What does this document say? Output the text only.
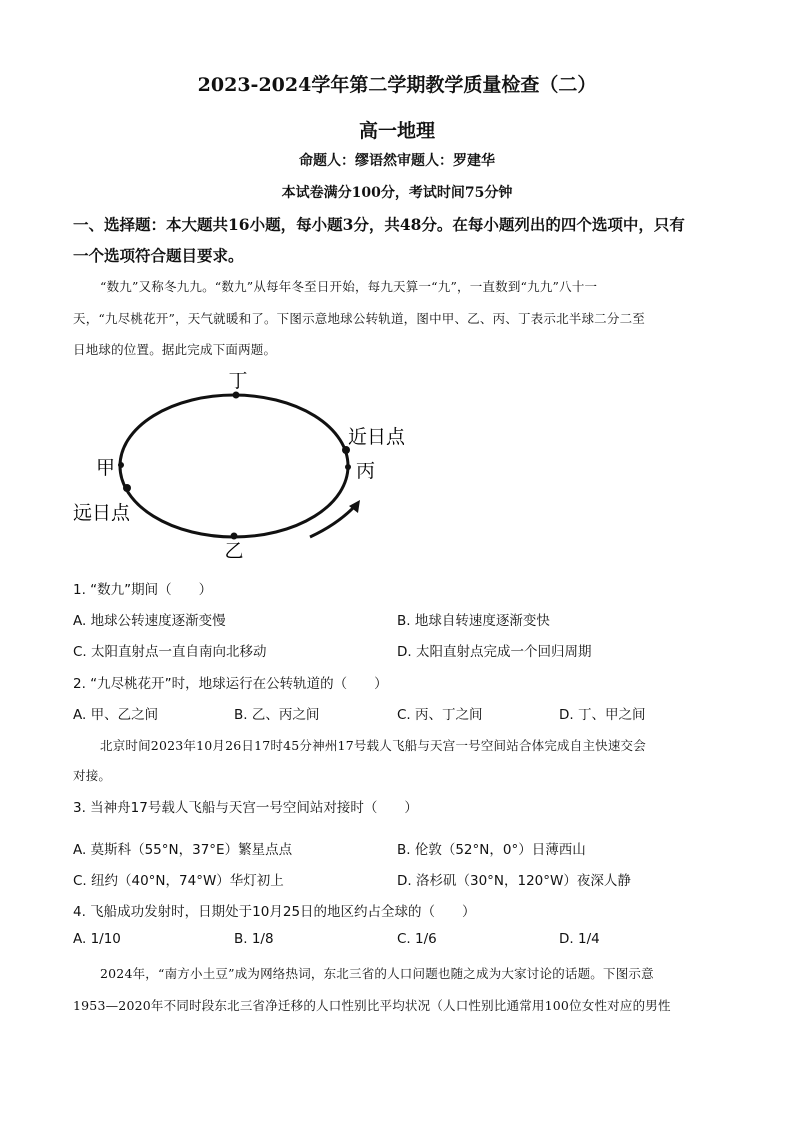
2023-2024学年第二学期教学质量检查（二）
高一地理
命题人：缪语然审题人：罗建华
本试卷满分100分，考试时间75分钟
一、选择题：本大题共16小题，每小题3分，共48分。在每小题列出的四个选项中，只有
一个选项符合题目要求。
“数九”又称冬九九。“数九”从每年冬至日开始，每九天算一“九”，一直数到“九九”八十一
天，“九尽桃花开”，天气就暖和了。下图示意地球公转轨道，图中甲、乙、丙、丁表示北半球二分二至
日地球的位置。据此完成下面两题。
丁
甲
远日点
乙
近日点
丙
1. “数九”期间（　　）
A. 地球公转速度逐渐变慢	B. 地球自转速度逐渐变快
C. 太阳直射点一直自南向北移动	D. 太阳直射点完成一个回归周期
2. “九尽桃花开”时，地球运行在公转轨道的（　　）
A. 甲、乙之间	B. 乙、丙之间	C. 丙、丁之间	D. 丁、甲之间
北京时间2023年10月26日17时45分神州17号载人飞船与天宫一号空间站合体完成自主快速交会
对接。
3. 当神舟17号载人飞船与天宫一号空间站对接时（　　）
A. 莫斯科（55°N，37°E）繁星点点	B. 伦敦（52°N，0°）日薄西山
C. 纽约（40°N，74°W）华灯初上	D. 洛杉矶（30°N，120°W）夜深人静
4. 飞船成功发射时，日期处于10月25日的地区约占全球的（　　）
A. 1/10	B. 1/8	C. 1/6	D. 1/4
2024年，“南方小土豆”成为网络热词，东北三省的人口问题也随之成为大家讨论的话题。下图示意
1953—2020年不同时段东北三省净迁移的人口性别比平均状况（人口性别比通常用100位女性对应的男性
